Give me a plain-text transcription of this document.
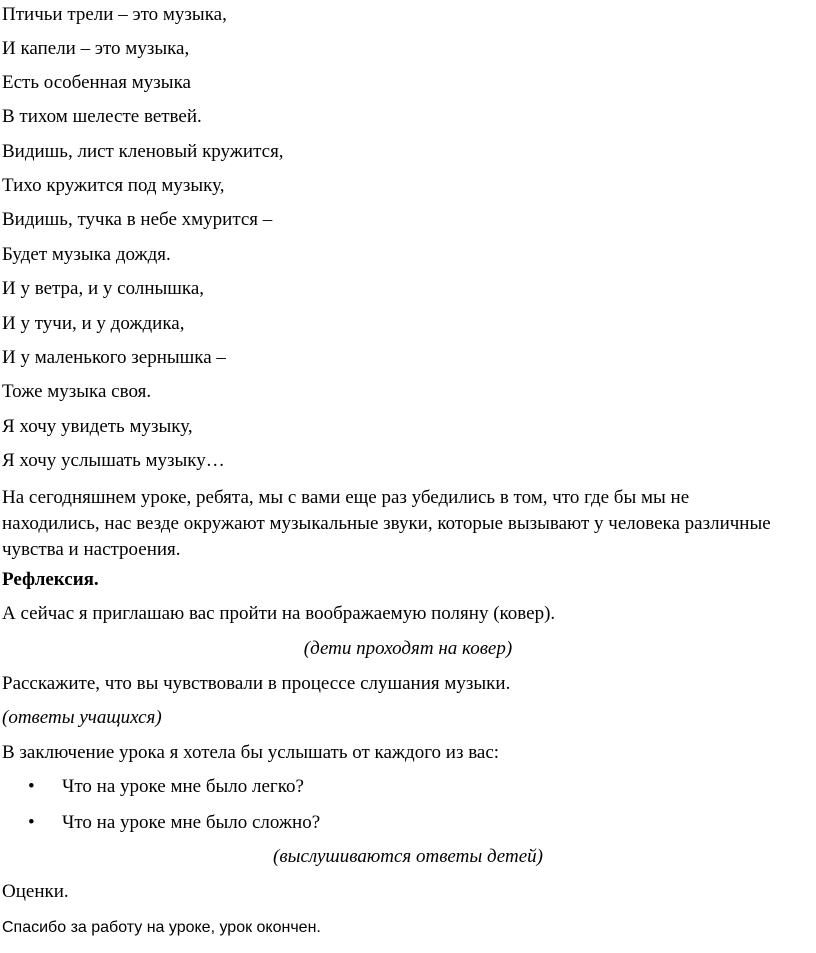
Птичьи трели – это музыка,
И капели – это музыка,
Есть особенная музыка
В тихом шелесте ветвей.
Видишь, лист кленовый кружится,
Тихо кружится под музыку,
Видишь, тучка в небе хмурится –
Будет музыка дождя.
И у ветра, и у солнышка,
И у тучи, и у дождика,
И у маленького зернышка –
Тоже музыка своя.
Я хочу увидеть музыку,
Я хочу услышать музыку…
На сегодняшнем уроке, ребята, мы с вами еще раз убедились в том, что где бы мы не находились, нас везде окружают музыкальные звуки, которые вызывают у человека различные чувства и настроения.
Рефлексия.
А сейчас я приглашаю вас пройти на воображаемую поляну (ковер).
(дети проходят на ковер)
Расскажите, что вы чувствовали в процессе слушания музыки.
(ответы учащихся)
В заключение урока я хотела бы услышать от каждого из вас:
• Что на уроке мне было легко?
• Что на уроке мне было сложно?
(выслушиваются ответы детей)
Оценки.
Спасибо за работу на уроке, урок окончен.
